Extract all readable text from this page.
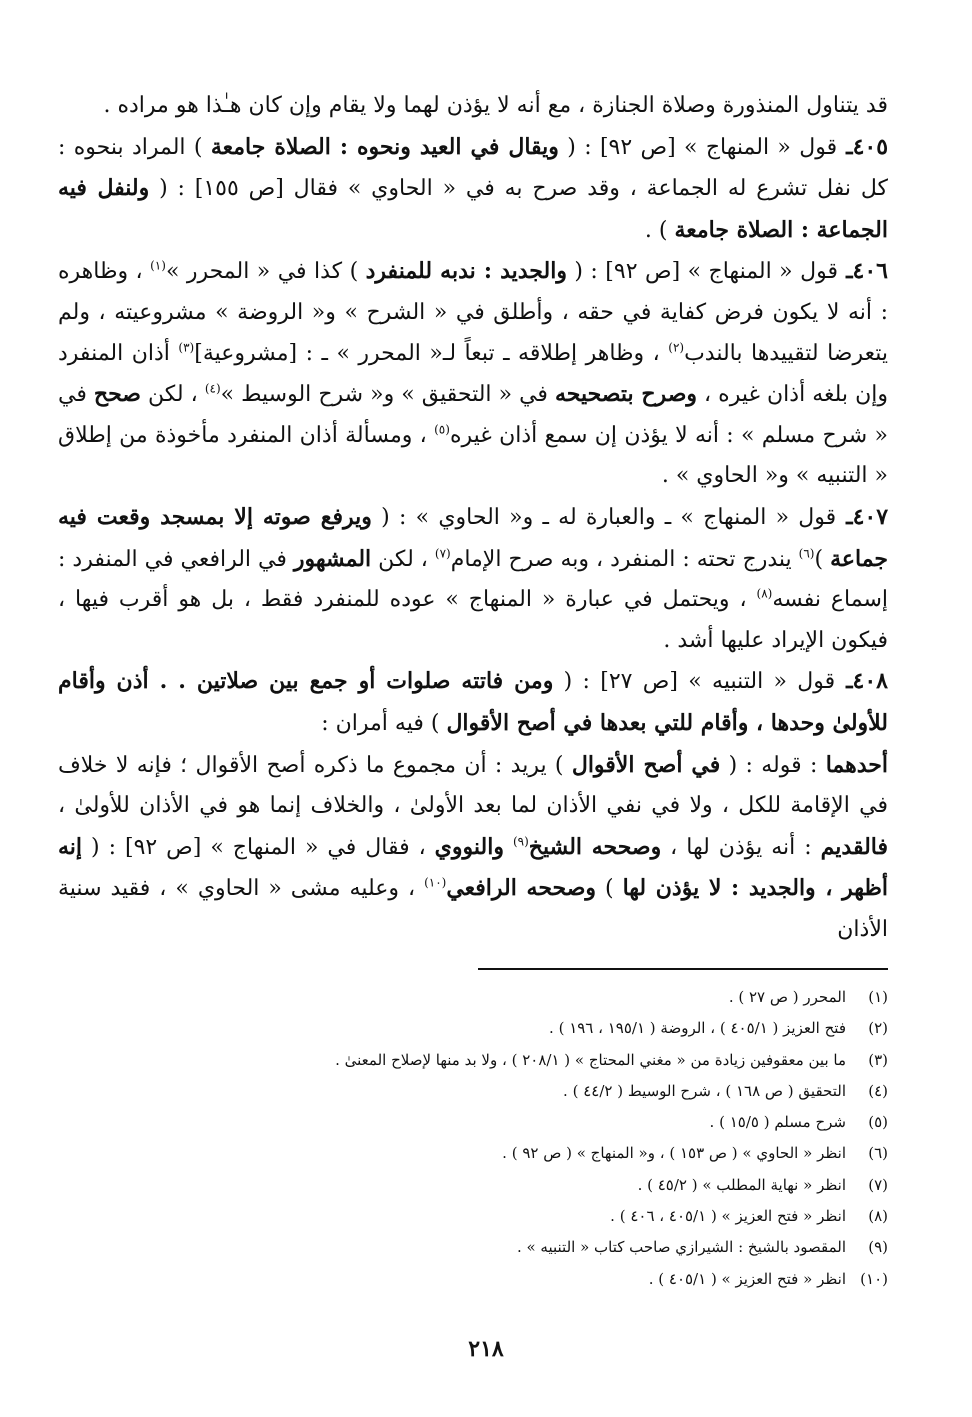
قد يتناول المنذورة وصلاة الجنازة ، مع أنه لا يؤذن لهما ولا يقام وإن كان هـٰذا هو مراده .

٤٠٥ـ قول « المنهاج » [ص ٩٢] : ( ويقال في العيد ونحوه : الصلاة جامعة ) المراد بنحوه : كل نفل تشرع له الجماعة ، وقد صرح به في « الحاوي » فقال [ص ١٥٥] : ( ولنفل فيه الجماعة : الصلاة جامعة ) .

٤٠٦ـ قول « المنهاج » [ص ٩٢] : ( والجديد : ندبه للمنفرد ) كذا في « المحرر »$^{(١)}$ ، وظاهره : أنه لا يكون فرض كفاية في حقه ، وأطلق في « الشرح » و« الروضة » مشروعيته ، ولم يتعرضا لتقييدها بالندب$^{(٢)}$ ، وظاهر إطلاقه ـ تبعاً لـ« المحرر » ـ : [مشروعية]$^{(٣)}$ أذان المنفرد وإن بلغه أذان غيره ، وصرح بتصحيحه في « التحقيق » و« شرح الوسيط »$^{(٤)}$ ، لكن صحح في « شرح مسلم » : أنه لا يؤذن إن سمع أذان غيره$^{(٥)}$ ، ومسألة أذان المنفرد مأخوذة من إطلاق « التنبيه » و« الحاوي » .

٤٠٧ـ قول « المنهاج » ـ والعبارة له ـ و« الحاوي » : ( ويرفع صوته إلا بمسجد وقعت فيه جماعة )$^{(٦)}$ يندرج تحته : المنفرد ، وبه صرح الإمام$^{(٧)}$ ، لكن المشهور في الرافعي في المنفرد : إسماع نفسه$^{(٨)}$ ، ويحتمل في عبارة « المنهاج » عوده للمنفرد فقط ، بل هو أقرب فيها ، فيكون الإيراد عليها أشد .

٤٠٨ـ قول « التنبيه » [ص ٢٧] : ( ومن فاتته صلوات أو جمع بين صلاتين . . أذن وأقام للأولىٰ وحدها ، وأقام للتي بعدها في أصح الأقوال ) فيه أمران :

أحدهما : قوله : ( في أصح الأقوال ) يريد : أن مجموع ما ذكره أصح الأقوال ؛ فإنه لا خلاف في الإقامة للكل ، ولا في نفي الأذان لما بعد الأولىٰ ، والخلاف إنما هو في الأذان للأولىٰ ، فالقديم : أنه يؤذن لها ، وصححه الشيخ$^{(٩)}$ والنووي ، فقال في « المنهاج » [ص ٩٢] : ( إنه أظهر ، والجديد : لا يؤذن لها ) وصححه الرافعي$^{(١٠)}$ ، وعليه مشى « الحاوي » ، فقيد سنية الأذان

(١)
المحرر ( ص ٢٧ ) .
(٢)
فتح العزيز ( ٤٠٥/١ ) ، الروضة ( ١٩٥/١ ، ١٩٦ ) .
(٣)
ما بين معقوفين زيادة من « مغني المحتاج » ( ٢٠٨/١ ) ، ولا بد منها لإصلاح المعنىٰ .
(٤)
التحقيق ( ص ١٦٨ ) ، شرح الوسيط ( ٤٤/٢ ) .
(٥)
شرح مسلم ( ١٥/٥ ) .
(٦)
انظر « الحاوي » ( ص ١٥٣ ) ، و« المنهاج » ( ص ٩٢ ) .
(٧)
انظر « نهاية المطلب » ( ٤٥/٢ ) .
(٨)
انظر « فتح العزيز » ( ٤٠٥/١ ، ٤٠٦ ) .
(٩)
المقصود بالشيخ : الشيرازي صاحب كتاب « التنبيه » .
(١٠)
انظر « فتح العزيز » ( ٤٠٥/١ ) .
٢١٨
